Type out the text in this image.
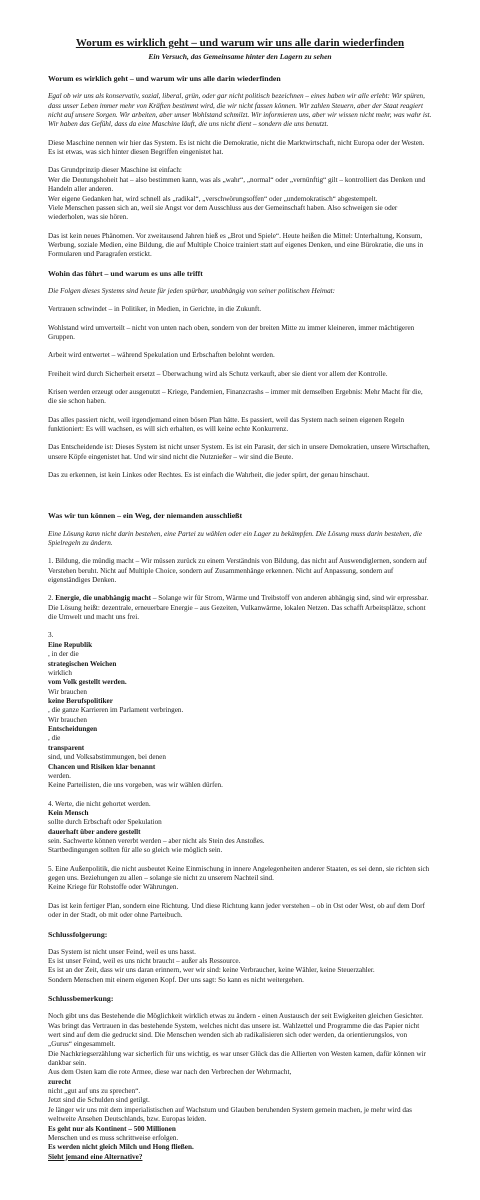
Worum es wirklich geht – und warum wir uns alle darin wiederfinden
Ein Versuch, das Gemeinsame hinter den Lagern zu sehen
Worum es wirklich geht – und warum wir uns alle darin wiederfinden

Egal ob wir uns als konservativ, sozial, liberal, grün, oder gar nicht politisch bezeichnen – eines haben wir alle erlebt: Wir spüren, dass unser Leben immer mehr von Kräften bestimmt wird, die wir nicht fassen können. Wir zahlen Steuern, aber der Staat reagiert nicht auf unsere Sorgen. Wir arbeiten, aber unser Wohlstand schmilzt. Wir informieren uns, aber wir wissen nicht mehr, was wahr ist. Wir haben das Gefühl, dass da eine Maschine läuft, die uns nicht dient – sondern die uns benutzt.

Diese Maschine nennen wir hier das System. Es ist nicht die Demokratie, nicht die Marktwirtschaft, nicht Europa oder der Westen. Es ist etwas, was sich hinter diesen Begriffen eingenistet hat.

Das Grundprinzip dieser Maschine ist einfach:
Wer die Deutungshoheit hat – also bestimmen kann, was als „wahr“, „normal“ oder „vernünftig“ gilt – kontrolliert das Denken und Handeln aller anderen.
Wer eigene Gedanken hat, wird schnell als „radikal“, „verschwörungsoffen“ oder „undemokratisch“ abgestempelt.
Viele Menschen passen sich an, weil sie Angst vor dem Ausschluss aus der Gemeinschaft haben. Also schweigen sie oder wiederholen, was sie hören.

Das ist kein neues Phänomen. Vor zweitausend Jahren hieß es „Brot und Spiele“. Heute heißen die Mittel: Unterhaltung, Konsum, Werbung, soziale Medien, eine Bildung, die auf Multiple Choice trainiert statt auf eigenes Denken, und eine Bürokratie, die uns in Formularen und Paragrafen erstickt.

Wohin das führt – und warum es uns alle trifft

Die Folgen dieses Systems sind heute für jeden spürbar, unabhängig von seiner politischen Heimat:

Vertrauen schwindet – in Politiker, in Medien, in Gerichte, in die Zukunft.

Wohlstand wird umverteilt – nicht von unten nach oben, sondern von der breiten Mitte zu immer kleineren, immer mächtigeren Gruppen.

Arbeit wird entwertet – während Spekulation und Erbschaften belohnt werden.

Freiheit wird durch Sicherheit ersetzt – Überwachung wird als Schutz verkauft, aber sie dient vor allem der Kontrolle.

Krisen werden erzeugt oder ausgenutzt – Kriege, Pandemien, Finanzcrashs – immer mit demselben Ergebnis: Mehr Macht für die, die sie schon haben.

Das alles passiert nicht, weil irgendjemand einen bösen Plan hätte. Es passiert, weil das System nach seinen eigenen Regeln funktioniert: Es will wachsen, es will sich erhalten, es will keine echte Konkurrenz.

Das Entscheidende ist: Dieses System ist nicht unser System. Es ist ein Parasit, der sich in unsere Demokratien, unsere Wirtschaften, unsere Köpfe eingenistet hat. Und wir sind nicht die Nutznießer – wir sind die Beute.

Das zu erkennen, ist kein Linkes oder Rechtes. Es ist einfach die Wahrheit, die jeder spürt, der genau hinschaut.

Was wir tun können – ein Weg, der niemanden ausschließt

Eine Lösung kann nicht darin bestehen, eine Partei zu wählen oder ein Lager zu bekämpfen. Die Lösung muss darin bestehen, die Spielregeln zu ändern.

1. Bildung, die mündig macht – Wir müssen zurück zu einem Verständnis von Bildung, das nicht auf Auswendiglernen, sondern auf Verstehen beruht. Nicht auf Multiple Choice, sondern auf Zusammenhänge erkennen. Nicht auf Anpassung, sondern auf eigenständiges Denken.

2. Energie, die unabhängig macht – Solange wir für Strom, Wärme und Treibstoff von anderen abhängig sind, sind wir erpressbar. Die Lösung heißt: dezentrale, erneuerbare Energie – aus Gezeiten, Vulkanwärme, lokalen Netzen. Das schafft Arbeitsplätze, schont die Umwelt und macht uns frei.

3.
Eine Republik
, in der die
strategischen Weichen
wirklich
vom Volk gestellt werden.
Wir brauchen
keine Berufspolitiker
, die ganze Karrieren im Parlament verbringen.
Wir brauchen
Entscheidungen
, die
transparent
sind, und Volksabstimmungen, bei denen
Chancen und Risiken klar benannt
werden.
Keine Parteilisten, die uns vorgeben, was wir wählen dürfen.

4. Werte, die nicht gehortet werden.
Kein Mensch
sollte durch Erbschaft oder Spekulation
dauerhaft über andere gestellt
sein. Sachwerte können vererbt werden – aber nicht als Stein des Anstoßes.
Startbedingungen sollten für alle so gleich wie möglich sein.

5. Eine Außenpolitik, die nicht ausbeutet Keine Einmischung in innere Angelegenheiten anderer Staaten, es sei denn, sie richten sich gegen uns. Beziehungen zu allen – solange sie nicht zu unserem Nachteil sind.
Keine Kriege für Rohstoffe oder Währungen.

Das ist kein fertiger Plan, sondern eine Richtung. Und diese Richtung kann jeder verstehen – ob in Ost oder West, ob auf dem Dorf oder in der Stadt, ob mit oder ohne Parteibuch.

Schlussfolgerung:

Das System ist nicht unser Feind, weil es uns hasst.
Es ist unser Feind, weil es uns nicht braucht – außer als Ressource.
Es ist an der Zeit, dass wir uns daran erinnern, wer wir sind: keine Verbraucher, keine Wähler, keine Steuerzahler.
Sondern Menschen mit einem eigenen Kopf. Der uns sagt: So kann es nicht weitergehen.

Schlussbemerkung:

Noch gibt uns das Bestehende die Möglichkeit wirklich etwas zu ändern - einen Austausch der seit Ewigkeiten gleichen Gesichter.
Was bringt das Vertrauen in das bestehende System, welches nicht das unsere ist. Wahlzettel und Programme die das Papier nicht wert sind auf dem die gedruckt sind. Die Menschen wenden sich ab radikalisieren sich oder werden, da orientierungslos, von „Gurus“ eingesammelt.
Die Nachkriegserzählung war sicherlich für uns wichtig, es war unser Glück das die Allierten von Westen kamen, dafür können wir dankbar sein.
Aus dem Osten kam die rote Armee, diese war nach den Verbrechen der Wehrmacht,
zurecht
nicht „gut auf uns zu sprechen“.
Jetzt sind die Schulden sind getilgt.
Je länger wir uns mit dem imperialistischen auf Wachstum und Glauben beruhenden System gemein machen, je mehr wird das weltweite Ansehen Deutschlands, bzw. Europas leiden.
Es geht nur als Kontinent – 500 Millionen
Menschen und es muss schrittweise erfolgen.
Es werden nicht gleich Milch und Hong fließen.
Sieht jemand eine Alternative?
